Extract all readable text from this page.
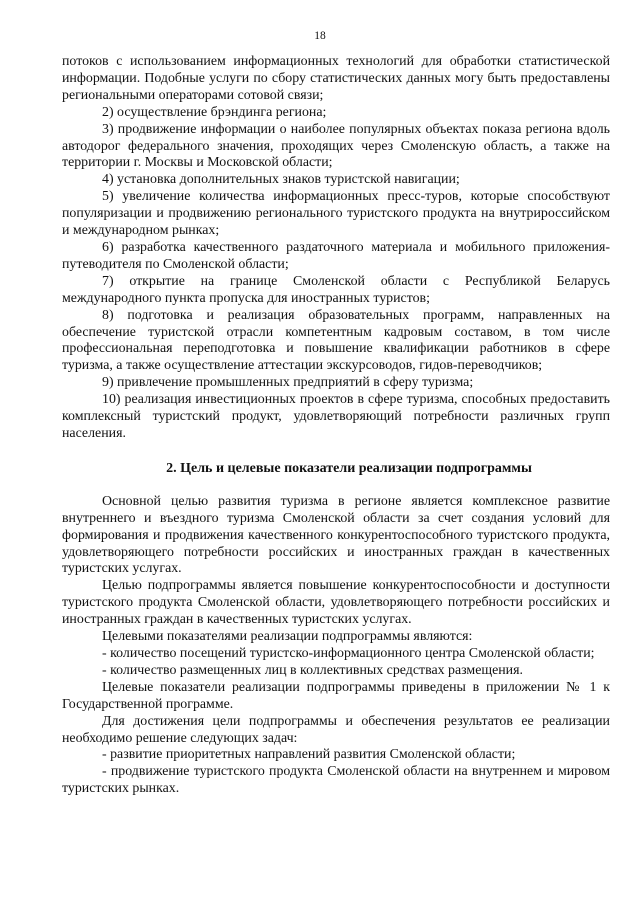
18

потоков с использованием информационных технологий для обработки статистической информации. Подобные услуги по сбору статистических данных могу быть предоставлены региональными операторами сотовой связи;

2) осуществление брэндинга региона;

3) продвижение информации о наиболее популярных объектах показа региона вдоль автодорог федерального значения, проходящих через Смоленскую область, а также на территории г. Москвы и Московской области;

4) установка дополнительных знаков туристской навигации;

5) увеличение количества информационных пресс-туров, которые способствуют популяризации и продвижению регионального туристского продукта на внутрироссийском и международном рынках;

6) разработка качественного раздаточного материала и мобильного приложения-путеводителя по Смоленской области;

7) открытие на границе Смоленской области с Республикой Беларусь международного пункта пропуска для иностранных туристов;

8) подготовка и реализация образовательных программ, направленных на обеспечение туристской отрасли компетентным кадровым составом, в том числе профессиональная переподготовка и повышение квалификации работников в сфере туризма, а также осуществление аттестации экскурсоводов, гидов-переводчиков;

9) привлечение промышленных предприятий в сферу туризма;

10) реализация инвестиционных проектов в сфере туризма, способных предоставить комплексный туристский продукт, удовлетворяющий потребности различных групп населения.

2. Цель и целевые показатели реализации подпрограммы

Основной целью развития туризма в регионе является комплексное развитие внутреннего и въездного туризма Смоленской области за счет создания условий для формирования и продвижения качественного конкурентоспособного туристского продукта, удовлетворяющего потребности российских и иностранных граждан в качественных туристских услугах.

Целью подпрограммы является повышение конкурентоспособности и доступности туристского продукта Смоленской области, удовлетворяющего потребности российских и иностранных граждан в качественных туристских услугах.

Целевыми показателями реализации подпрограммы являются:

- количество посещений туристско-информационного центра Смоленской области;

- количество размещенных лиц в коллективных средствах размещения.

Целевые показатели реализации подпрограммы приведены в приложении № 1 к Государственной программе.

Для достижения цели подпрограммы и обеспечения результатов ее реализации необходимо решение следующих задач:

- развитие приоритетных направлений развития Смоленской области;

- продвижение туристского продукта Смоленской области на внутреннем и мировом туристских рынках.
